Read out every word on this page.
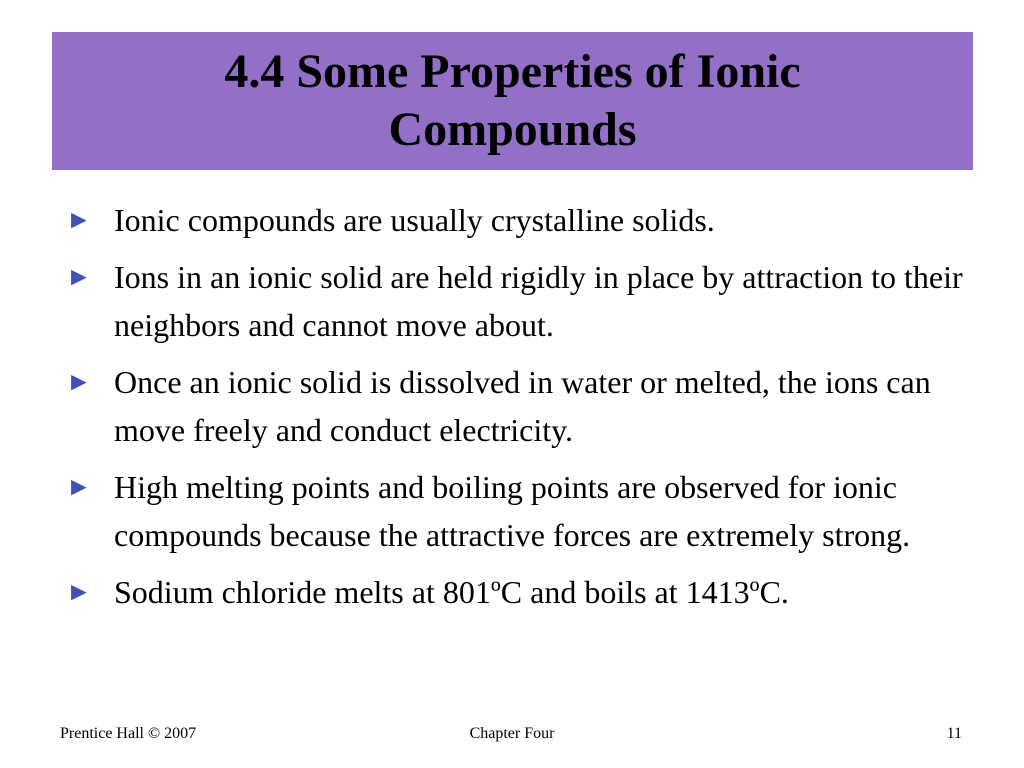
4.4 Some Properties of Ionic Compounds
► Ionic compounds are usually crystalline solids.
► Ions in an ionic solid are held rigidly in place by attraction to their neighbors and cannot move about.
► Once an ionic solid is dissolved in water or melted, the ions can move freely and conduct electricity.
► High melting points and boiling points are observed for ionic compounds because the attractive forces are extremely strong.
► Sodium chloride melts at 801ºC and boils at 1413ºC.
Prentice Hall © 2007	Chapter Four	11
